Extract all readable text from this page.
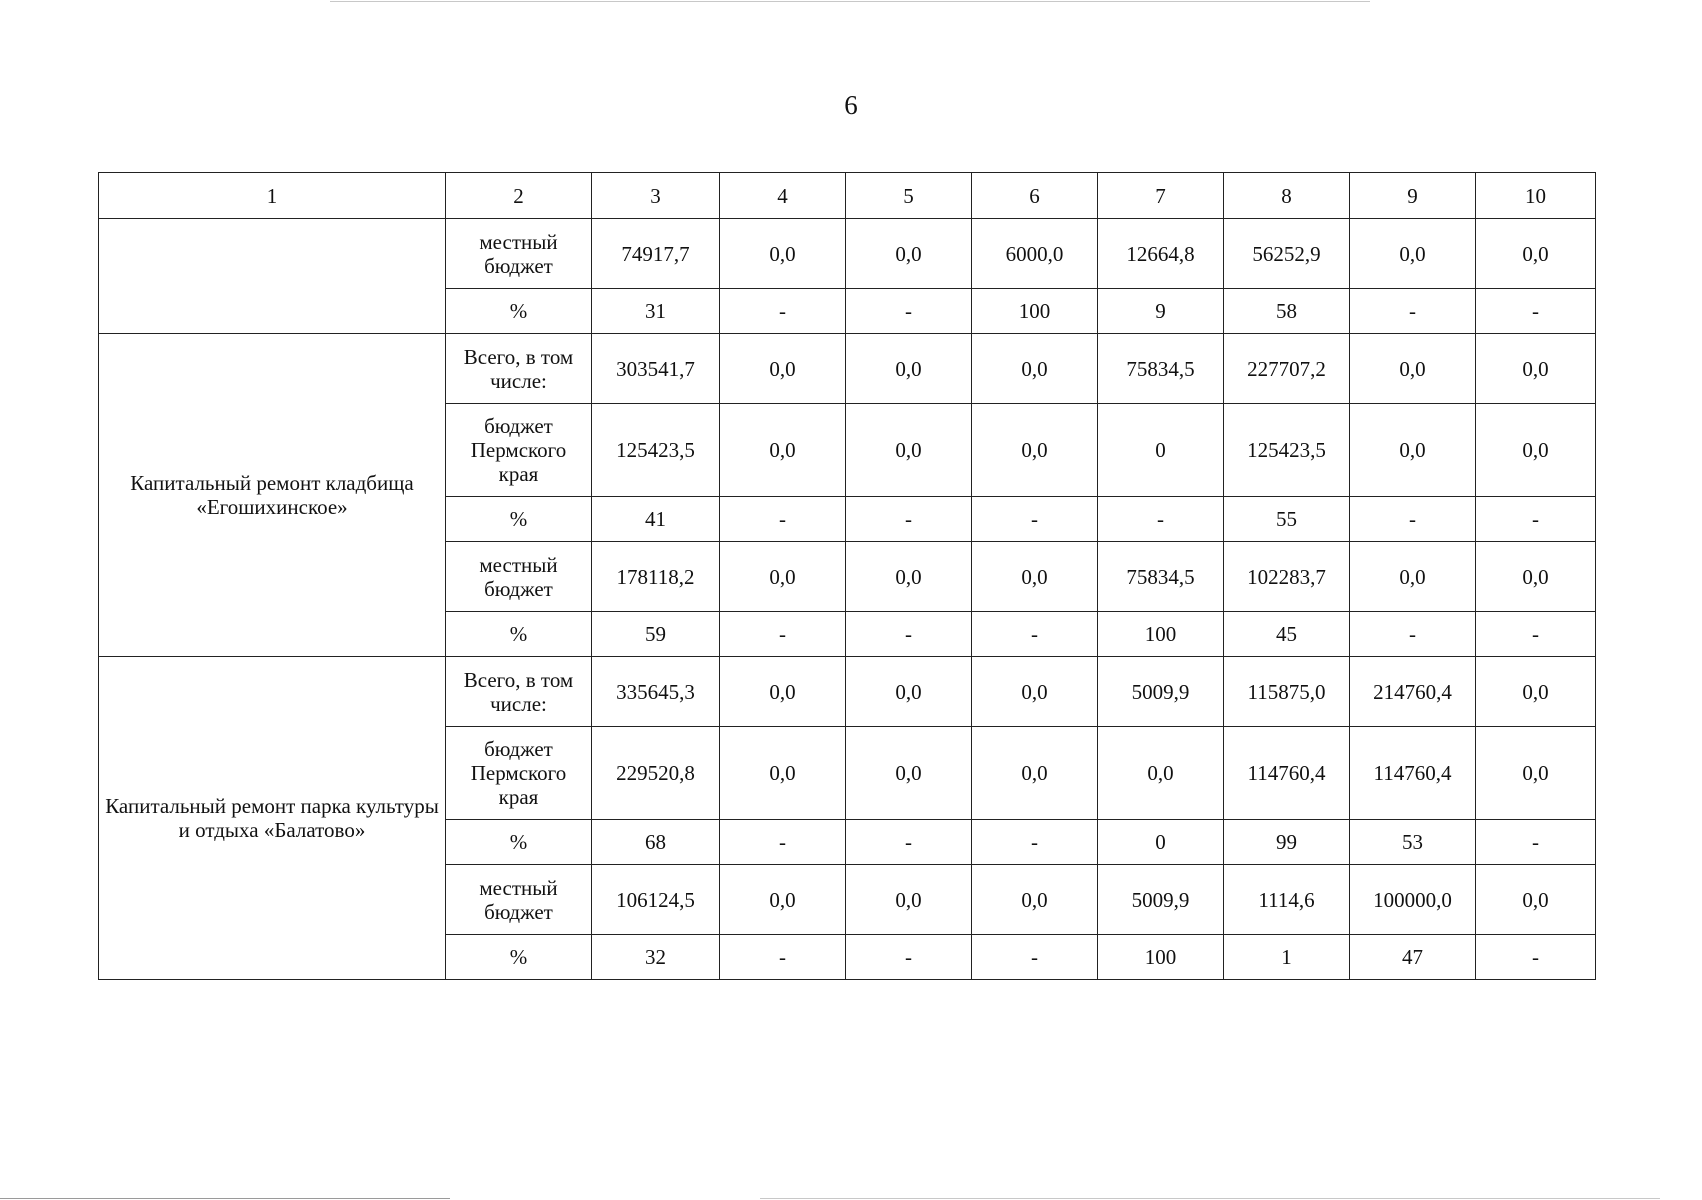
6
1	2	3	4	5	6	7	8	9	10
	местный бюджет	74917,7	0,0	0,0	6000,0	12664,8	56252,9	0,0	0,0
	%	31	-	-	100	9	58	-	-
Капитальный ремонт кладбища «Егошихинское»	Всего, в том числе:	303541,7	0,0	0,0	0,0	75834,5	227707,2	0,0	0,0
	бюджет Пермского края	125423,5	0,0	0,0	0,0	0	125423,5	0,0	0,0
	%	41	-	-	-	-	55	-	-
	местный бюджет	178118,2	0,0	0,0	0,0	75834,5	102283,7	0,0	0,0
	%	59	-	-	-	100	45	-	-
Капитальный ремонт парка культуры и отдыха «Балатово»	Всего, в том числе:	335645,3	0,0	0,0	0,0	5009,9	115875,0	214760,4	0,0
	бюджет Пермского края	229520,8	0,0	0,0	0,0	0,0	114760,4	114760,4	0,0
	%	68	-	-	-	0	99	53	-
	местный бюджет	106124,5	0,0	0,0	0,0	5009,9	1114,6	100000,0	0,0
	%	32	-	-	-	100	1	47	-
